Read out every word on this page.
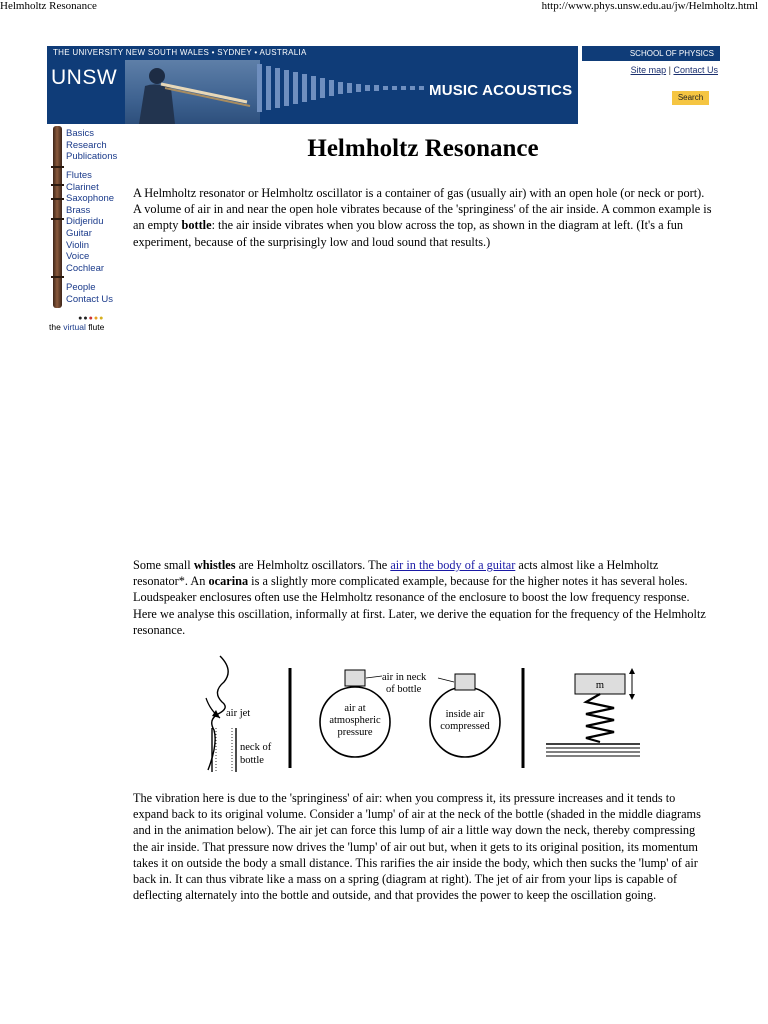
Helmholtz Resonance	http://www.phys.unsw.edu.au/jw/Helmholtz.html
THE UNIVERSITY NEW SOUTH WALES • SYDNEY • AUSTRALIA
UNSW
MUSIC ACOUSTICS
SCHOOL OF PHYSICS
Site map | Contact Us
Search
Basics
Research
Publications
Flutes
Clarinet
Saxophone
Brass
Didjeridu
Guitar
Violin
Voice
Cochlear
People
Contact Us
●●●●●
the virtual flute
Helmholtz Resonance

A Helmholtz resonator or Helmholtz oscillator is a container of gas (usually air) with an open hole (or neck or port). A volume of air in and near the open hole vibrates because of the 'springiness' of the air inside. A common example is an empty bottle: the air inside vibrates when you blow across the top, as shown in the diagram at left. (It's a fun experiment, because of the surprisingly low and loud sound that results.)

Some small whistles are Helmholtz oscillators. The air in the body of a guitar acts almost like a Helmholtz resonator*. An ocarina is a slightly more complicated example, because for the higher notes it has several holes. Loudspeaker enclosures often use the Helmholtz resonance of the enclosure to boost the low frequency response. Here we analyse this oscillation, informally at first. Later, we derive the equation for the frequency of the Helmholtz resonance.

air jet
neck of
bottle
air at
atmospheric
pressure
air in neck
of bottle
inside air
compressed
m

The vibration here is due to the 'springiness' of air: when you compress it, its pressure increases and it tends to expand back to its original volume. Consider a 'lump' of air at the neck of the bottle (shaded in the middle diagrams and in the animation below). The air jet can force this lump of air a little way down the neck, thereby compressing the air inside. That pressure now drives the 'lump' of air out but, when it gets to its original position, its momentum takes it on outside the body a small distance. This rarifies the air inside the body, which then sucks the 'lump' of air back in. It can thus vibrate like a mass on a spring (diagram at right). The jet of air from your lips is capable of deflecting alternately into the bottle and outside, and that provides the power to keep the oscillation going.
